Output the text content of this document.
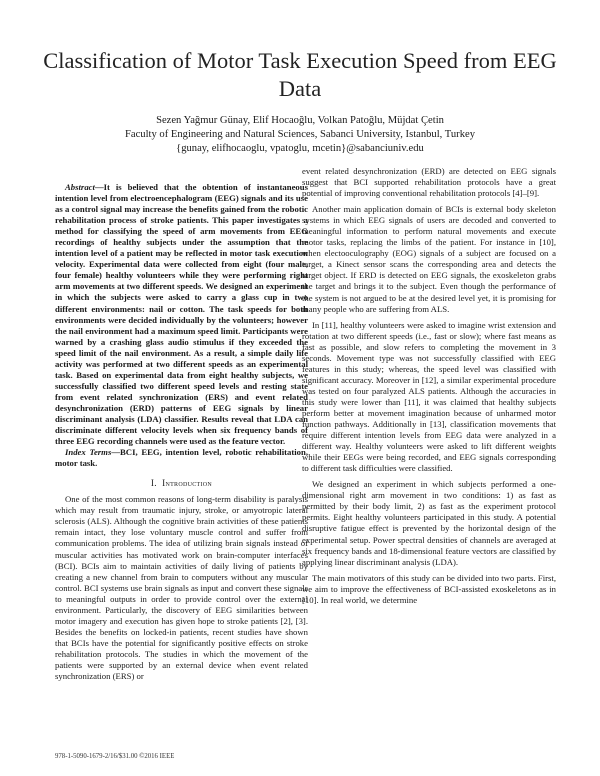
Classification of Motor Task Execution Speed from EEG Data
Sezen Yağmur Günay, Elif Hocaoğlu, Volkan Patoğlu, Müjdat Çetin
Faculty of Engineering and Natural Sciences, Sabanci University, Istanbul, Turkey
{gunay, elifhocaoglu, vpatoglu, mcetin}@sabanciuniv.edu

Abstract—It is believed that the obtention of instantaneous intention level from electroencephalogram (EEG) signals and its use as a control signal may increase the benefits gained from the robotic rehabilitation process of stroke patients. This paper investigates a method for classifying the speed of arm movements from EEG recordings of healthy subjects under the assumption that the intention level of a patient may be reflected in motor task execution velocity. Experimental data were collected from eight (four male, four female) healthy volunteers while they were performing right arm movements at two different speeds. We designed an experiment in which the subjects were asked to carry a glass cup in two different environments: nail or cotton. The task speeds for both environments were decided individually by the volunteers; however the nail environment had a maximum speed limit. Participants were warned by a crashing glass audio stimulus if they exceeded the speed limit of the nail environment. As a result, a simple daily life activity was performed at two different speeds as an experimental task. Based on experimental data from eight healthy subjects, we successfully classified two different speed levels and resting state from event related synchronization (ERS) and event related desynchronization (ERD) patterns of EEG signals by linear discriminant analysis (LDA) classifier. Results reveal that LDA can discriminate different velocity levels when six frequency bands of three EEG recording channels were used as the feature vector.

Index Terms—BCI, EEG, intention level, robotic rehabilitation, motor task.

I. Introduction

One of the most common reasons of long-term disability is paralysis which may result from traumatic injury, stroke, or amyotropic lateral sclerosis (ALS). Although the cognitive brain activities of these patients remain intact, they lose voluntary muscle control and suffer from communication problems. The idea of utilizing brain signals instead of muscular activities has motivated work on brain-computer interfaces (BCI). BCIs aim to maintain activities of daily living of patients by creating a new channel from brain to computers without any muscular control. BCI systems use brain signals as input and convert these signals to meaningful outputs in order to provide control over the external environment. Particularly, the discovery of EEG similarities between motor imagery and execution has given hope to stroke patients [2], [3]. Besides the benefits on locked-in patients, recent studies have shown that BCIs have the potential for significantly positive effects on stroke rehabilitation protocols. The studies in which the movement of the patients were supported by an external device when event related synchronization (ERS) or

event related desynchronization (ERD) are detected on EEG signals suggest that BCI supported rehabilitation protocols have a great potential of improving conventional rehabilitation protocols [4]–[9].

Another main application domain of BCIs is external body skeleton systems in which EEG signals of users are decoded and converted to meaningful information to perform natural movements and execute motor tasks, replacing the limbs of the patient. For instance in [10], when electooculography (EOG) signals of a subject are focused on a target, a Kinect sensor scans the corresponding area and detects the target object. If ERD is detected on EEG signals, the exoskeleton grabs the target and brings it to the subject. Even though the performance of the system is not argued to be at the desired level yet, it is promising for many people who are suffering from ALS.

In [11], healthy volunteers were asked to imagine wrist extension and rotation at two different speeds (i.e., fast or slow); where fast means as fast as possible, and slow refers to completing the movement in 3 seconds. Movement type was not successfully classified with EEG features in this study; whereas, the speed level was classified with significant accuracy. Moreover in [12], a similar experimental procedure was tested on four paralyzed ALS patients. Although the accuracies in this study were lower than [11], it was claimed that healthy subjects perform better at movement imagination because of unharmed motor function pathways. Additionally in [13], classification movements that require different intention levels from EEG data were analyzed in a different way. Healthy volunteers were asked to lift different weights while their EEGs were being recorded, and EEG signals corresponding to different task difficulties were classified.

We designed an experiment in which subjects performed a one-dimensional right arm movement in two conditions: 1) as fast as permitted by their body limit, 2) as fast as the experiment protocol permits. Eight healthy volunteers participated in this study. A potential disruptive fatigue effect is prevented by the horizontal design of the experimental setup. Power spectral densities of channels are averaged at six frequency bands and 18-dimensional feature vectors are classified by applying linear discriminant analysis (LDA).

The main motivators of this study can be divided into two parts. First, we aim to improve the effectiveness of BCI-assisted exoskeletons as in [10]. In real world, we determine

978-1-5090-1679-2/16/$31.00 ©2016 IEEE
